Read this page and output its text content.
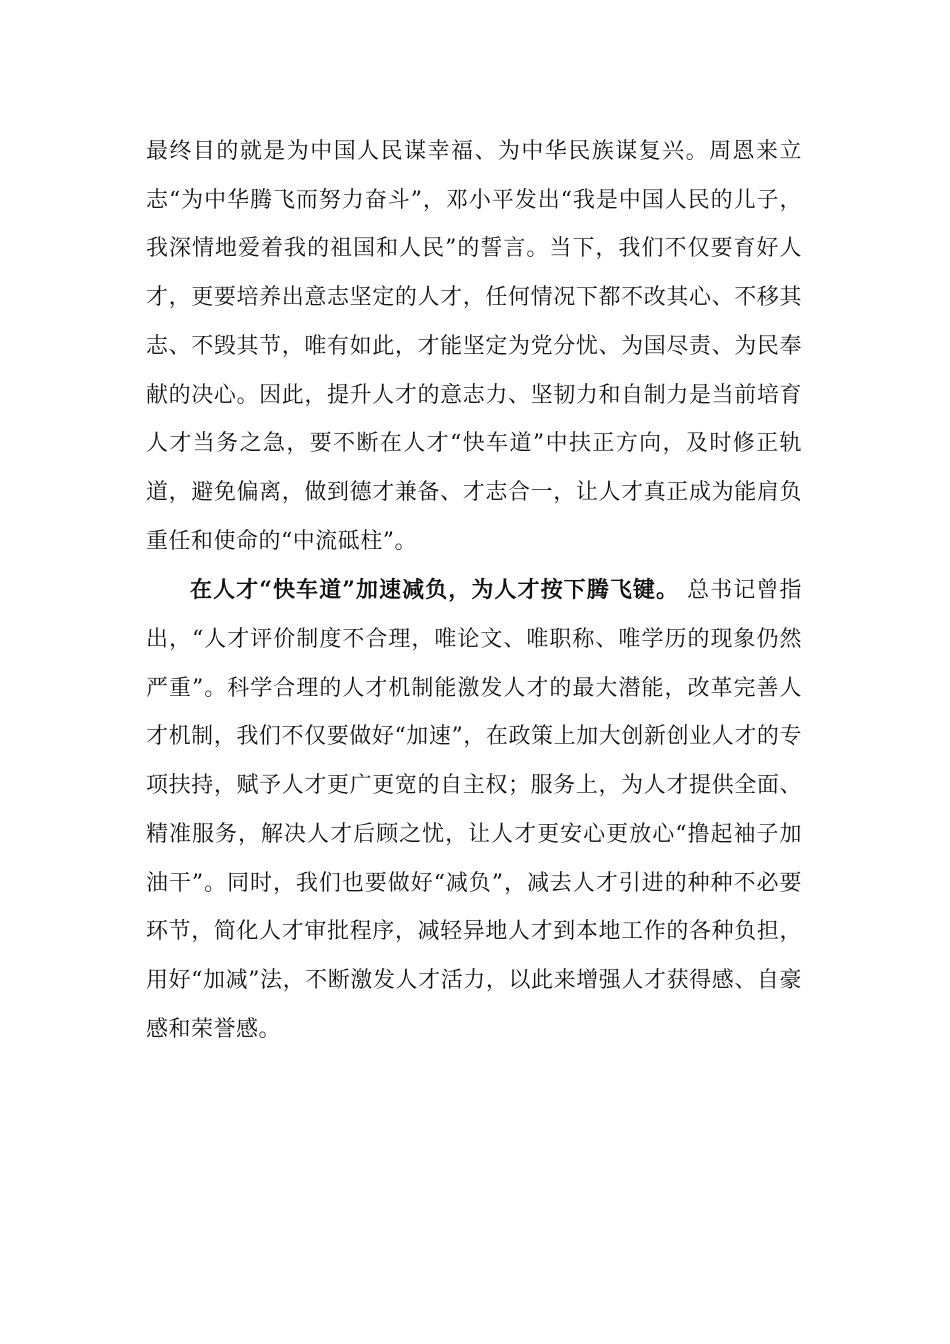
最终目的就是为中国人民谋幸福、为中华民族谋复兴。周恩来立志“为中华腾飞而努力奋斗”，邓小平发出“我是中国人民的儿子，我深情地爱着我的祖国和人民”的誓言。当下，我们不仅要育好人才，更要培养出意志坚定的人才，任何情况下都不改其心、不移其志、不毁其节，唯有如此，才能坚定为党分忧、为国尽责、为民奉献的决心。因此，提升人才的意志力、坚韧力和自制力是当前培育人才当务之急，要不断在人才“快车道”中扶正方向，及时修正轨道，避免偏离，做到德才兼备、才志合一，让人才真正成为能肩负重任和使命的“中流砥柱”。

在人才“快车道”加速减负，为人才按下腾飞键。 总书记曾指出，“人才评价制度不合理，唯论文、唯职称、唯学历的现象仍然严重”。科学合理的人才机制能激发人才的最大潜能，改革完善人才机制，我们不仅要做好“加速”，在政策上加大创新创业人才的专项扶持，赋予人才更广更宽的自主权；服务上，为人才提供全面、精准服务，解决人才后顾之忧，让人才更安心更放心“撸起袖子加油干”。同时，我们也要做好“减负”，减去人才引进的种种不必要环节，简化人才审批程序，减轻异地人才到本地工作的各种负担，用好“加减”法，不断激发人才活力，以此来增强人才获得感、自豪感和荣誉感。
